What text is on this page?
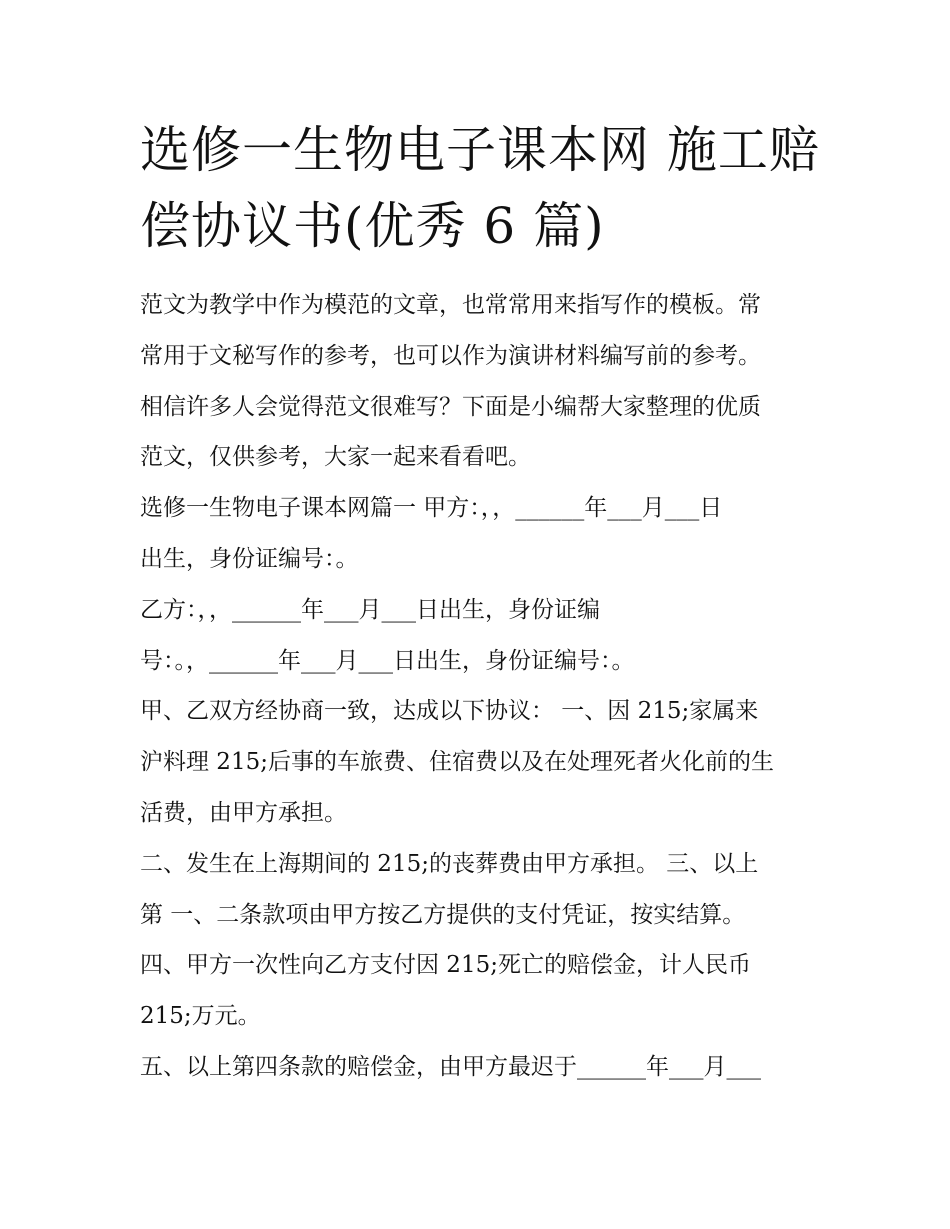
选修一生物电子课本网 施工赔
偿协议书(优秀 6 篇)

范文为教学中作为模范的文章，也常常用来指写作的模板。常
常用于文秘写作的参考，也可以作为演讲材料编写前的参考。
相信许多人会觉得范文很难写？下面是小编帮大家整理的优质
范文，仅供参考，大家一起来看看吧。

选修一生物电子课本网篇一 甲方：，，______年___月___日
出生，身份证编号：。

乙方：，，______年___月___日出生，身份证编
号：。，______年___月___日出生，身份证编号：。

甲、乙双方经协商一致，达成以下协议： 一、因 215;家属来
沪料理 215;后事的车旅费、住宿费以及在处理死者火化前的生
活费，由甲方承担。

二、发生在上海期间的 215;的丧葬费由甲方承担。 三、以上
第 一、二条款项由甲方按乙方提供的支付凭证，按实结算。

四、甲方一次性向乙方支付因 215;死亡的赔偿金，计人民币
215;万元。

五、以上第四条款的赔偿金，由甲方最迟于______年___月___
